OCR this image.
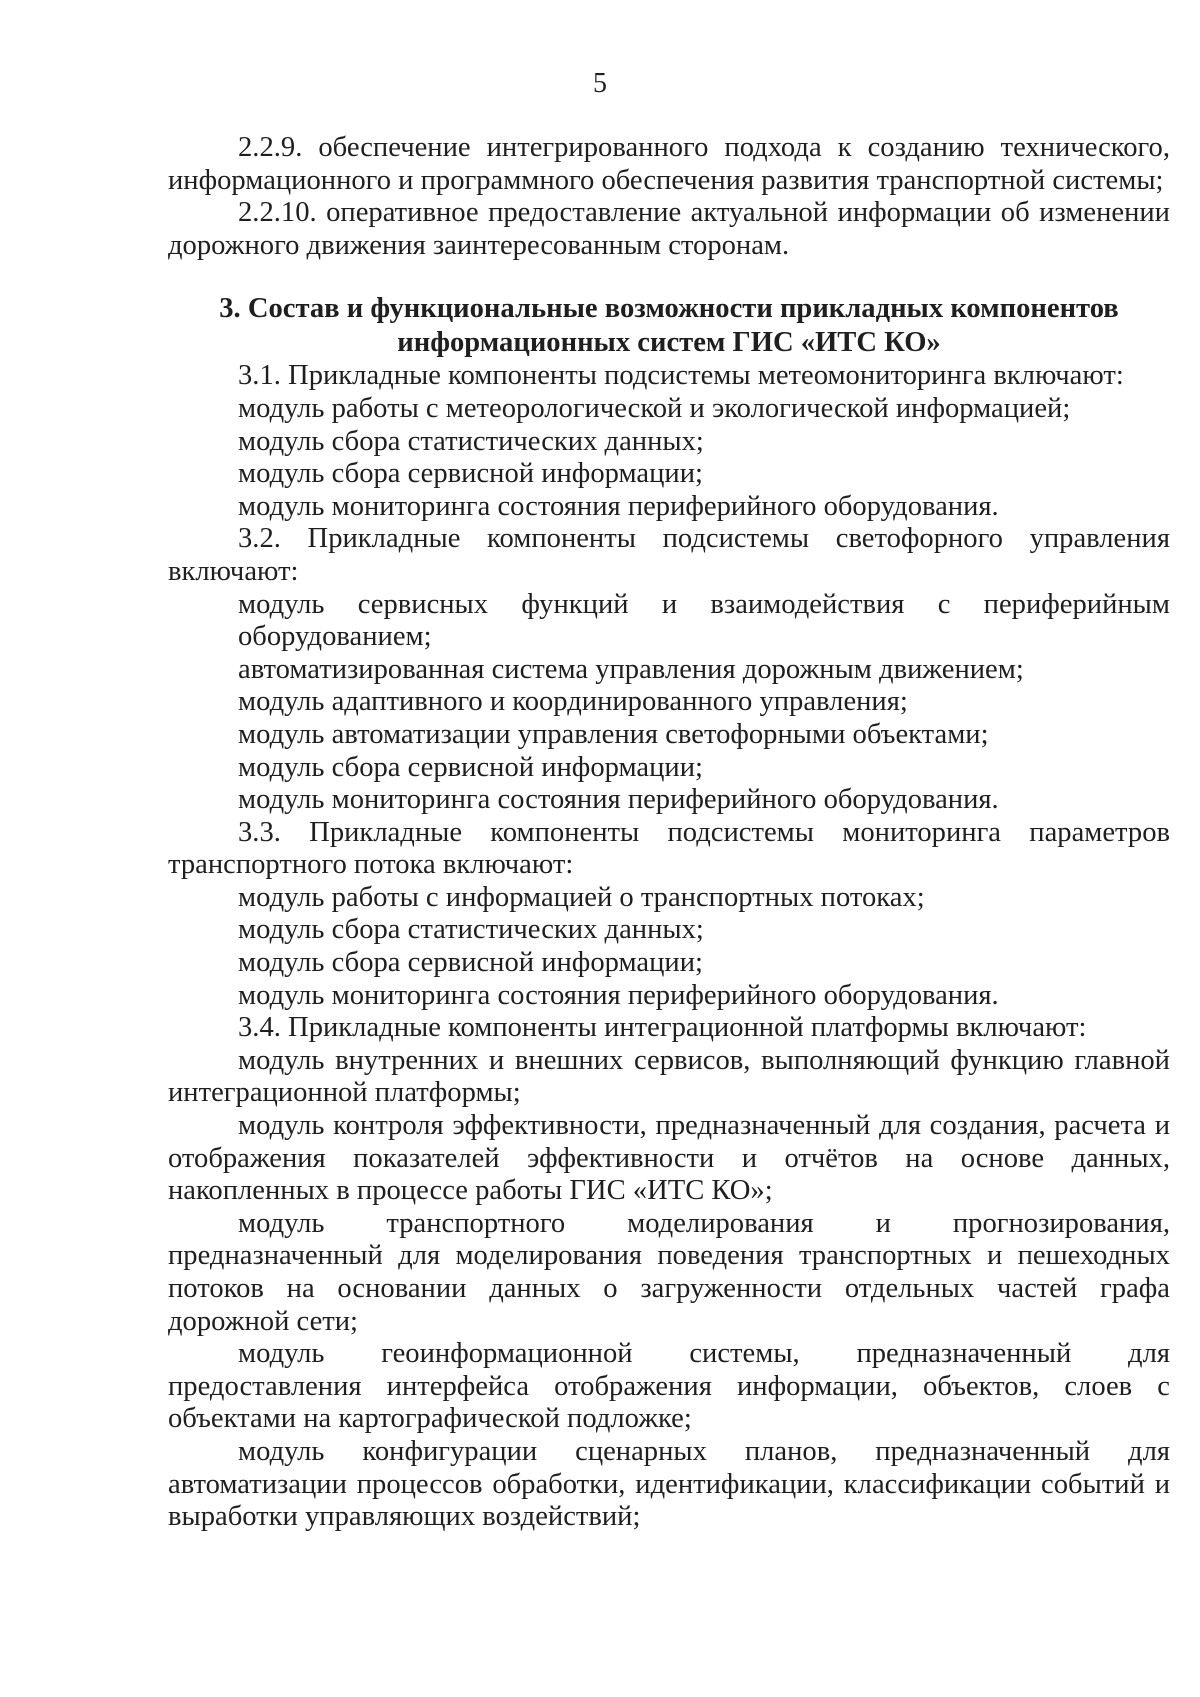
5

2.2.9. обеспечение интегрированного подхода к созданию технического, информационного и программного обеспечения развития транспортной системы;

2.2.10. оперативное предоставление актуальной информации об изменении дорожного движения заинтересованным сторонам.

3. Состав и функциональные возможности прикладных компонентов
информационных систем ГИС «ИТС КО»

3.1. Прикладные компоненты подсистемы метеомониторинга включают:

модуль работы с метеорологической и экологической информацией;

модуль сбора статистических данных;

модуль сбора сервисной информации;

модуль мониторинга состояния периферийного оборудования.

3.2. Прикладные компоненты подсистемы светофорного управления включают:

модуль сервисных функций и взаимодействия с периферийным оборудованием;

автоматизированная система управления дорожным движением;

модуль адаптивного и координированного управления;

модуль автоматизации управления светофорными объектами;

модуль сбора сервисной информации;

модуль мониторинга состояния периферийного оборудования.

3.3. Прикладные компоненты подсистемы мониторинга параметров транспортного потока включают:

модуль работы с информацией о транспортных потоках;

модуль сбора статистических данных;

модуль сбора сервисной информации;

модуль мониторинга состояния периферийного оборудования.

3.4. Прикладные компоненты интеграционной платформы включают:

модуль внутренних и внешних сервисов, выполняющий функцию главной интеграционной платформы;

модуль контроля эффективности, предназначенный для создания, расчета и отображения показателей эффективности и отчётов на основе данных, накопленных в процессе работы ГИС «ИТС КО»;

модуль транспортного моделирования и прогнозирования, предназначенный для моделирования поведения транспортных и пешеходных потоков на основании данных о загруженности отдельных частей графа дорожной сети;

модуль геоинформационной системы, предназначенный для предоставления интерфейса отображения информации, объектов, слоев с объектами на картографической подложке;

модуль конфигурации сценарных планов, предназначенный для автоматизации процессов обработки, идентификации, классификации событий и выработки управляющих воздействий;
